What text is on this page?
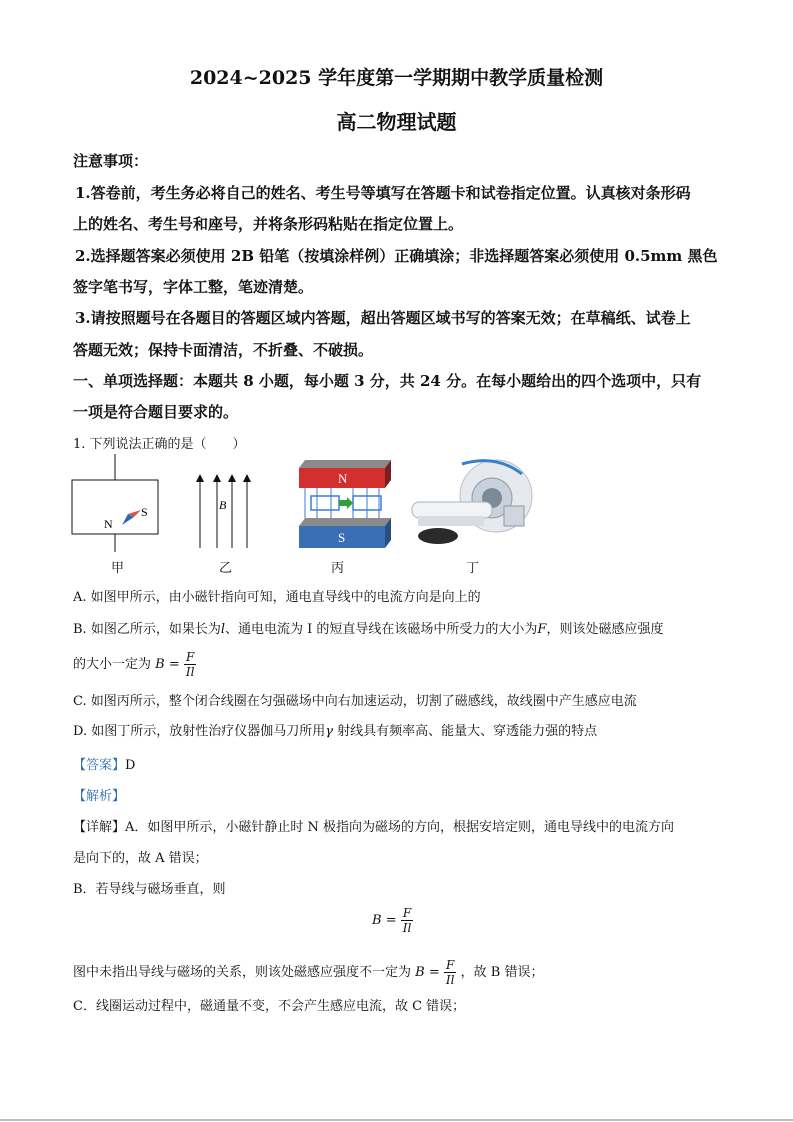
2024~2025 学年度第一学期期中教学质量检测
高二物理试题
注意事项：
1.答卷前，考生务必将自己的姓名、考生号等填写在答题卡和试卷指定位置。认真核对条形码
上的姓名、考生号和座号，并将条形码粘贴在指定位置上。
2.选择题答案必须使用 2B 铅笔（按填涂样例）正确填涂；非选择题答案必须使用 0.5mm 黑色
签字笔书写，字体工整，笔迹清楚。
3.请按照题号在各题目的答题区域内答题，超出答题区域书写的答案无效；在草稿纸、试卷上
答题无效；保持卡面清洁，不折叠、不破损。
一、单项选择题：本题共 8 小题，每小题 3 分，共 24 分。在每小题给出的四个选项中，只有
一项是符合题目要求的。
1. 下列说法正确的是（　　）
N
S	B
N
S
甲	乙	丙	丁
A. 如图甲所示，由小磁针指向可知，通电直导线中的电流方向是向上的
B. 如图乙所示，如果长为l、通电电流为 I 的短直导线在该磁场中所受力的大小为F，则该处磁感应强度
的大小一定为 $B = \frac{F}{Il}$
C. 如图丙所示，整个闭合线圈在匀强磁场中向右加速运动，切割了磁感线，故线圈中产生感应电流
D. 如图丁所示，放射性治疗仪器伽马刀所用γ 射线具有频率高、能量大、穿透能力强的特点
【答案】D
【解析】
【详解】A．如图甲所示，小磁针静止时 N 极指向为磁场的方向，根据安培定则，通电导线中的电流方向
是向下的，故 A 错误；
B．若导线与磁场垂直，则
$B = \frac{F}{Il}$
图中未指出导线与磁场的关系，则该处磁感应强度不一定为 $B = \frac{F}{Il}$ ，故 B 错误；
C．线圈运动过程中，磁通量不变，不会产生感应电流，故 C 错误；
